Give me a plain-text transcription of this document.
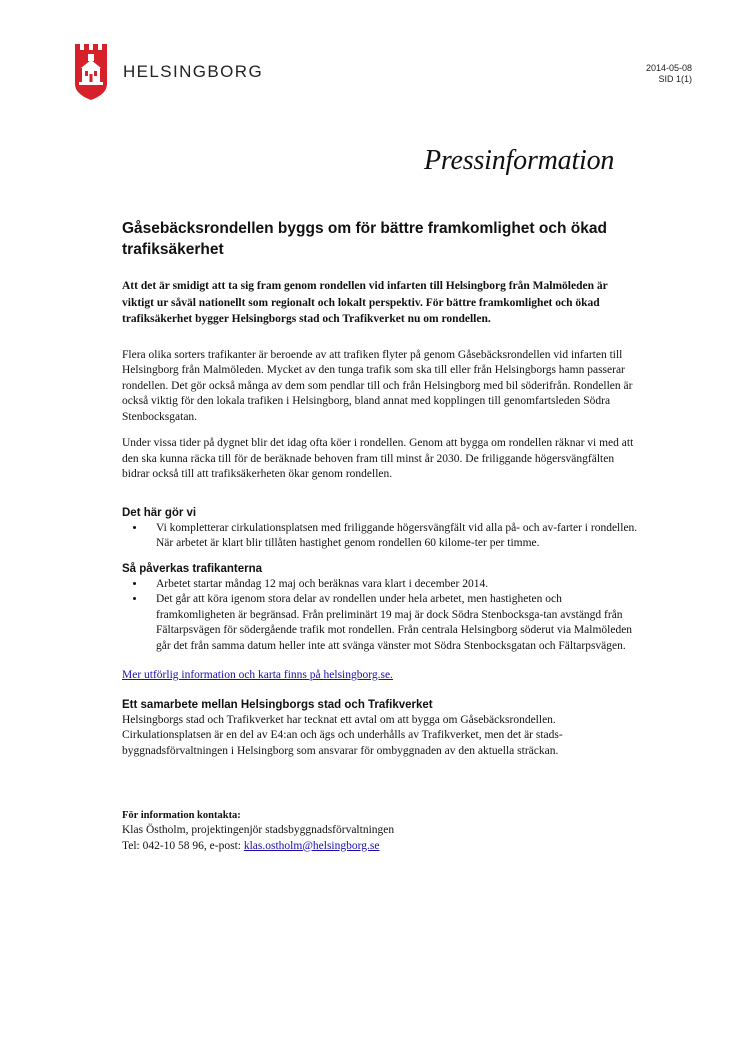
HELSINGBORG	2014-05-08
SID 1(1)
Pressinformation
Gåsebäcksrondellen byggs om för bättre framkomlighet och ökad trafiksäkerhet
Att det är smidigt att ta sig fram genom rondellen vid infarten till Helsingborg från Malmöleden är viktigt ur såväl nationellt som regionalt och lokalt perspektiv. För bättre framkomlighet och ökad trafiksäkerhet bygger Helsingborgs stad och Trafikverket nu om rondellen.

Flera olika sorters trafikanter är beroende av att trafiken flyter på genom Gåsebäcksrondellen vid infarten till Helsingborg från Malmöleden. Mycket av den tunga trafik som ska till eller från Helsingborgs hamn passerar rondellen. Det gör också många av dem som pendlar till och från Helsingborg med bil söderifrån. Rondellen är också viktig för den lokala trafiken i Helsingborg, bland annat med kopplingen till genomfartsleden Södra Stenbocksgatan.

Under vissa tider på dygnet blir det idag ofta köer i rondellen. Genom att bygga om rondellen räknar vi med att den ska kunna räcka till för de beräknade behoven fram till minst år 2030. De friliggande högersvängfälten bidrar också till att trafiksäkerheten ökar genom rondellen.

Det här gör vi
• Vi kompletterar cirkulationsplatsen med friliggande högersvängfält vid alla på- och av-farter i rondellen. När arbetet är klart blir tillåten hastighet genom rondellen 60 kilome-ter per timme.
Så påverkas trafikanterna
• Arbetet startar måndag 12 maj och beräknas vara klart i december 2014.
• Det går att köra igenom stora delar av rondellen under hela arbetet, men hastigheten och framkomligheten är begränsad. Från preliminärt 19 maj är dock Södra Stenbocksga-tan avstängd från Fältarpsvägen för södergående trafik mot rondellen. Från centrala Helsingborg söderut via Malmöleden går det från samma datum heller inte att svänga vänster mot Södra Stenbocksgatan och Fältarpsvägen.

Mer utförlig information och karta finns på helsingborg.se.

Ett samarbete mellan Helsingborgs stad och Trafikverket

Helsingborgs stad och Trafikverket har tecknat ett avtal om att bygga om Gåsebäcksrondellen. Cirkulationsplatsen är en del av E4:an och ägs och underhålls av Trafikverket, men det är stads-byggnadsförvaltningen i Helsingborg som ansvarar för ombyggnaden av den aktuella sträckan.

För information kontakta:
Klas Östholm, projektingenjör stadsbyggnadsförvaltningen
Tel: 042-10 58 96, e-post: klas.ostholm@helsingborg.se
